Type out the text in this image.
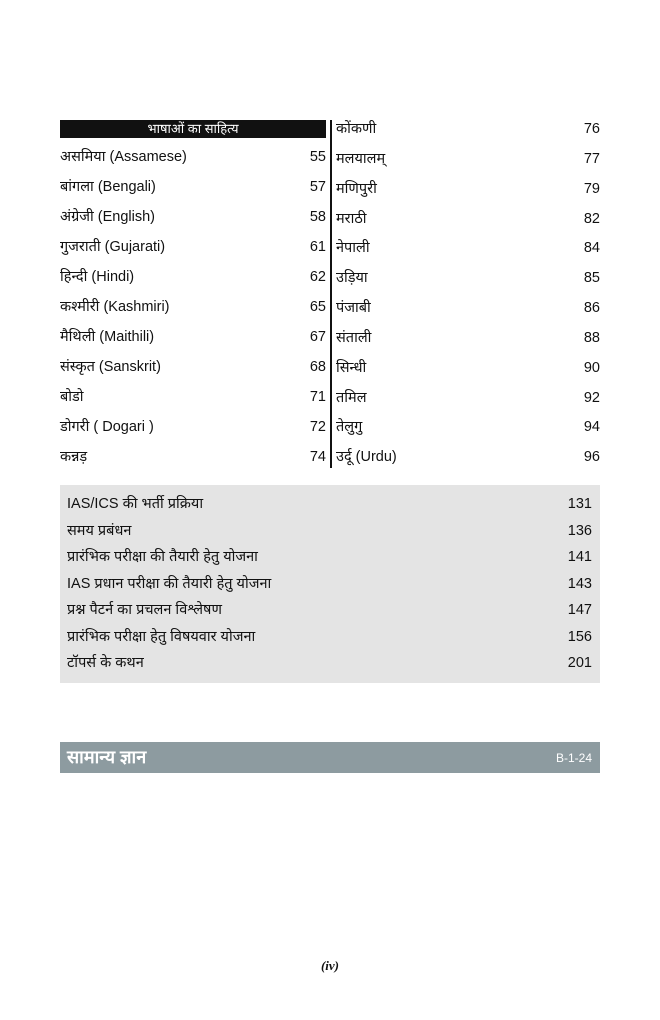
भाषाओं का साहित्य
असमिया (Assamese)	55
बांगला (Bengali)	57
अंग्रेजी (English)	58
गुजराती (Gujarati)	61
हिन्दी (Hindi)	62
कश्मीरी (Kashmiri)	65
मैथिली (Maithili)	67
संस्कृत (Sanskrit)	68
बोडो	71
डोगरी ( Dogari )	72
कन्नड़	74
कोंकणी	76
मलयालम्	77
मणिपुरी	79
मराठी	82
नेपाली	84
उड़िया	85
पंजाबी	86
संताली	88
सिन्धी	90
तमिल	92
तेलुगु	94
उर्दू (Urdu)	96
IAS/ICS की भर्ती प्रक्रिया	131
समय प्रबंधन	136
प्रारंभिक परीक्षा की तैयारी हेतु योजना	141
IAS प्रधान परीक्षा की तैयारी हेतु योजना	143
प्रश्न पैटर्न का प्रचलन विश्लेषण	147
प्रारंभिक परीक्षा हेतु विषयवार योजना	156
टॉपर्स के कथन	201
सामान्य ज्ञान	B-1-24
(iv)
